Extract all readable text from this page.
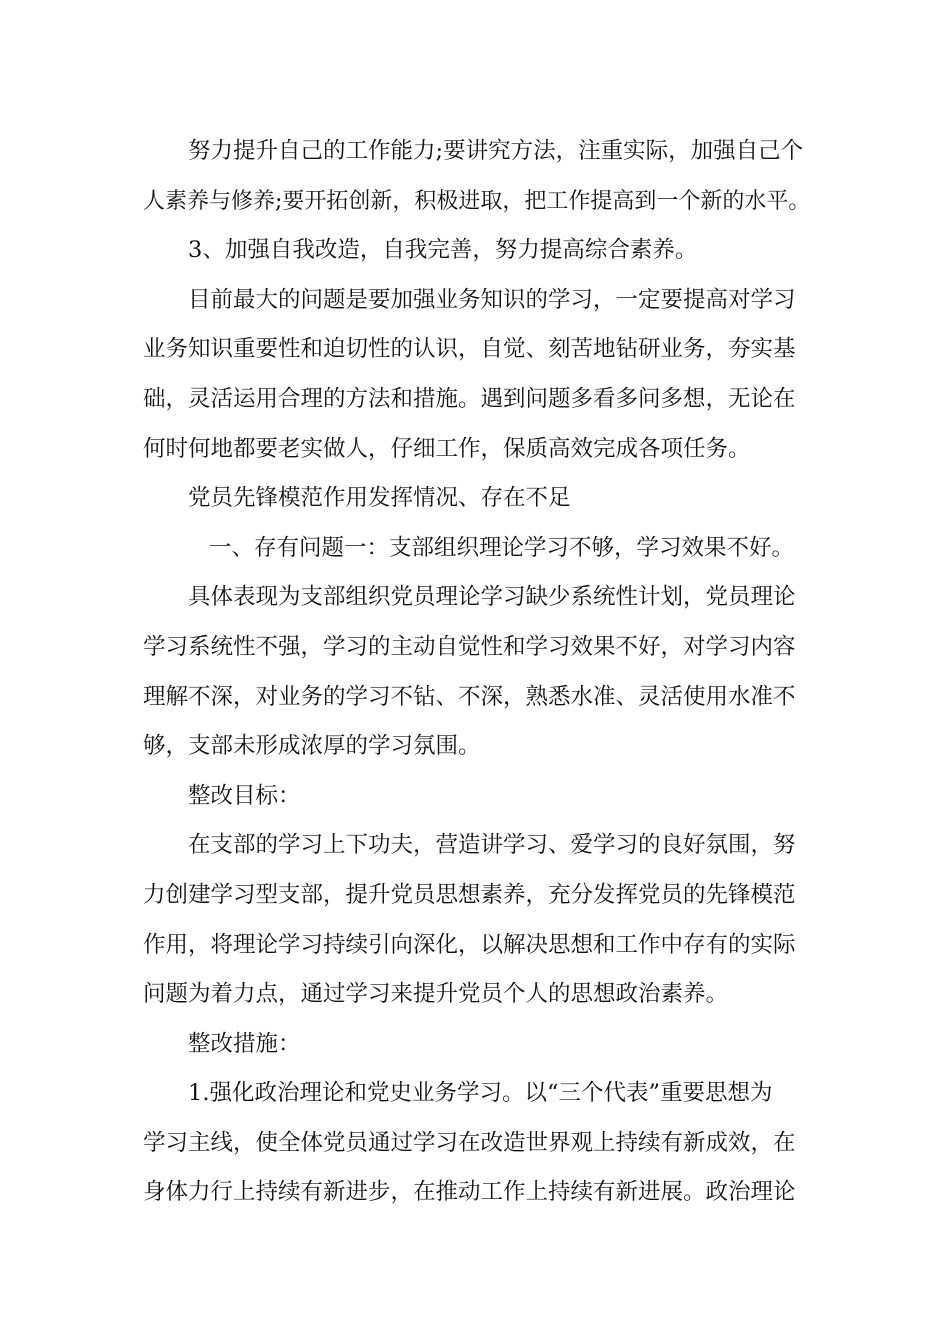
努力提升自己的工作能力;要讲究方法，注重实际，加强自己个
人素养与修养;要开拓创新，积极进取，把工作提高到一个新的水平。
3、加强自我改造，自我完善，努力提高综合素养。
目前最大的问题是要加强业务知识的学习，一定要提高对学习
业务知识重要性和迫切性的认识，自觉、刻苦地钻研业务，夯实基
础，灵活运用合理的方法和措施。遇到问题多看多问多想，无论在
何时何地都要老实做人，仔细工作，保质高效完成各项任务。
党员先锋模范作用发挥情况、存在不足
一、存有问题一：支部组织理论学习不够，学习效果不好。
具体表现为支部组织党员理论学习缺少系统性计划，党员理论
学习系统性不强，学习的主动自觉性和学习效果不好，对学习内容
理解不深，对业务的学习不钻、不深，熟悉水准、灵活使用水准不
够，支部未形成浓厚的学习氛围。
整改目标：
在支部的学习上下功夫，营造讲学习、爱学习的良好氛围，努
力创建学习型支部，提升党员思想素养，充分发挥党员的先锋模范
作用，将理论学习持续引向深化，以解决思想和工作中存有的实际
问题为着力点，通过学习来提升党员个人的思想政治素养。
整改措施：
1.强化政治理论和党史业务学习。以“三个代表”重要思想为
学习主线，使全体党员通过学习在改造世界观上持续有新成效，在
身体力行上持续有新进步，在推动工作上持续有新进展。政治理论
